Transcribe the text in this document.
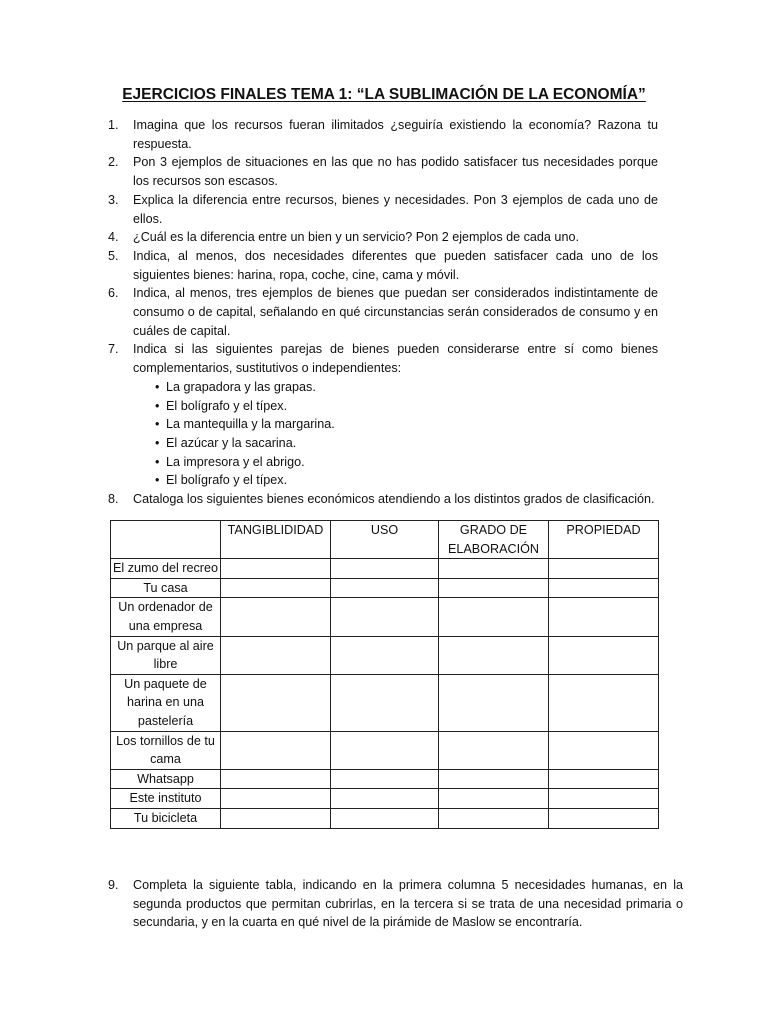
EJERCICIOS FINALES TEMA 1: “LA SUBLIMACIÓN DE LA ECONOMÍA”
1. Imagina que los recursos fueran ilimitados ¿seguiría existiendo la economía? Razona tu respuesta.
2. Pon 3 ejemplos de situaciones en las que no has podido satisfacer tus necesidades porque los recursos son escasos.
3. Explica la diferencia entre recursos, bienes y necesidades. Pon 3 ejemplos de cada uno de ellos.
4. ¿Cuál es la diferencia entre un bien y un servicio? Pon 2 ejemplos de cada uno.
5. Indica, al menos, dos necesidades diferentes que pueden satisfacer cada uno de los siguientes bienes: harina, ropa, coche, cine, cama y móvil.
6. Indica, al menos, tres ejemplos de bienes que puedan ser considerados indistintamente de consumo o de capital, señalando en qué circunstancias serán considerados de consumo y en cuáles de capital.
7. Indica si las siguientes parejas de bienes pueden considerarse entre sí como bienes complementarios, sustitutivos o independientes:
• La grapadora y las grapas.
• El bolígrafo y el típex.
• La mantequilla y la margarina.
• El azúcar y la sacarina.
• La impresora y el abrigo.
• El bolígrafo y el típex.
8. Cataloga los siguientes bienes económicos atendiendo a los distintos grados de clasificación.
	TANGIBLIDIDAD	USO	GRADO DE ELABORACIÓN	PROPIEDAD
El zumo del recreo				
Tu casa				
Un ordenador de una empresa				
Un parque al aire libre				
Un paquete de harina en una pastelería				
Los tornillos de tu cama				
Whatsapp				
Este instituto				
Tu bicicleta				
9. Completa la siguiente tabla, indicando en la primera columna 5 necesidades humanas, en la segunda productos que permitan cubrirlas, en la tercera si se trata de una necesidad primaria o secundaria, y en la cuarta en qué nivel de la pirámide de Maslow se encontraría.
